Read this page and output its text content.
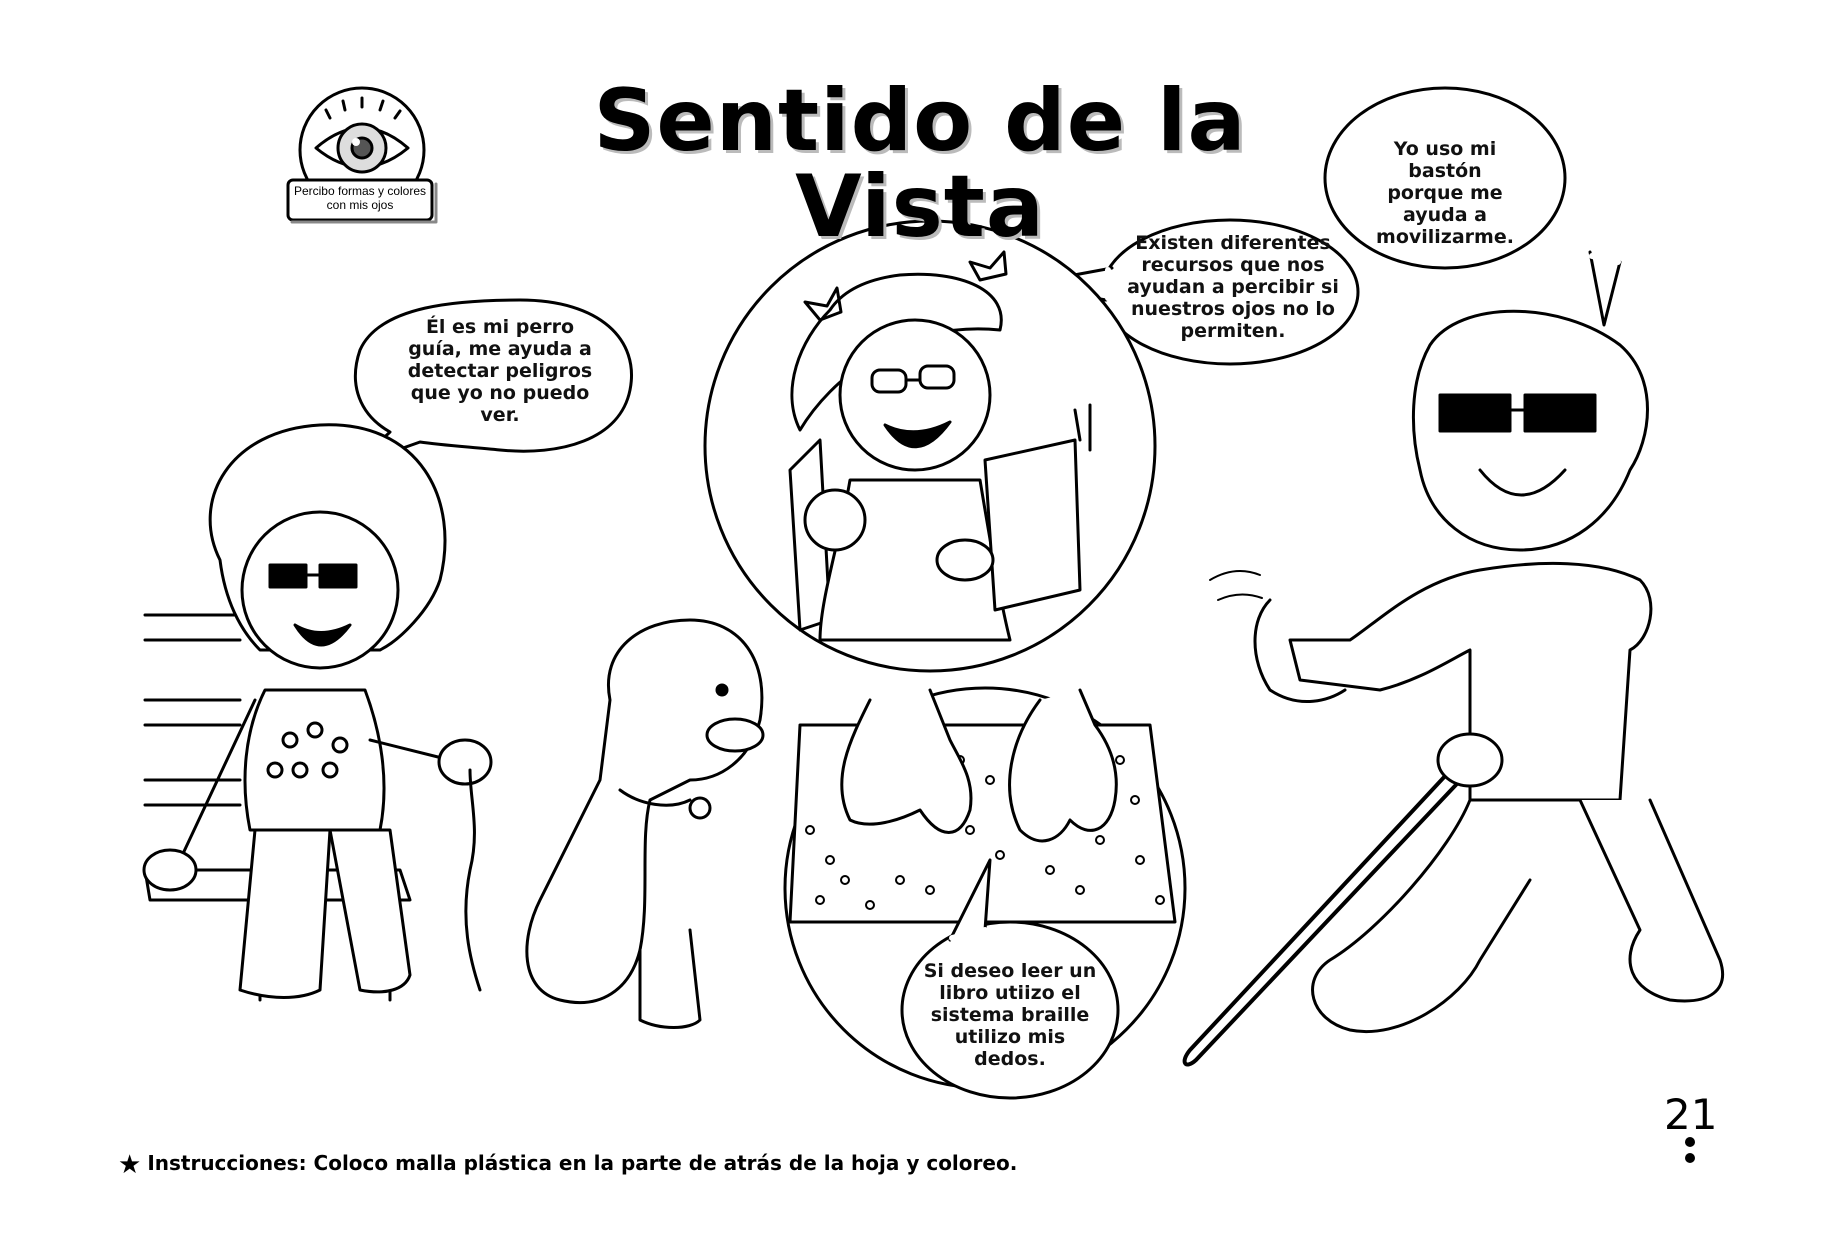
Sentido de la Vista
Percibo formas y colores con mis ojos
Él es mi perro guía, me ayuda a detectar peligros que yo no puedo ver.
Existen diferentes recursos que nos ayudan a percibir si nuestros ojos no lo permiten.
Yo uso mi bastón porque me ayuda a movilizarme.
Si deseo leer un libro utiizo el sistema braille utilizo mis dedos.
★ Instrucciones: Coloco malla plástica en la parte de atrás de la hoja y coloreo.
21
